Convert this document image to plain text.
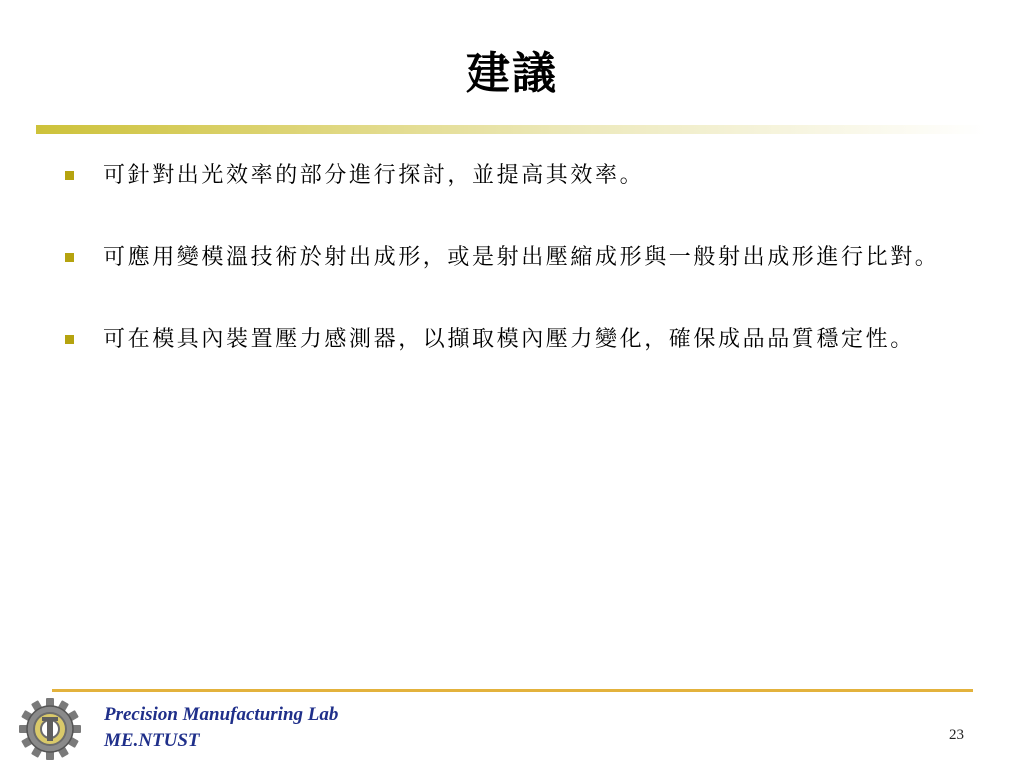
建議
可針對出光效率的部分進行探討，並提高其效率。
可應用變模溫技術於射出成形，或是射出壓縮成形與一般射出成形進行比對。
可在模具內裝置壓力感測器，以擷取模內壓力變化，確保成品品質穩定性。
Precision Manufacturing Lab
ME.NTUST	23
